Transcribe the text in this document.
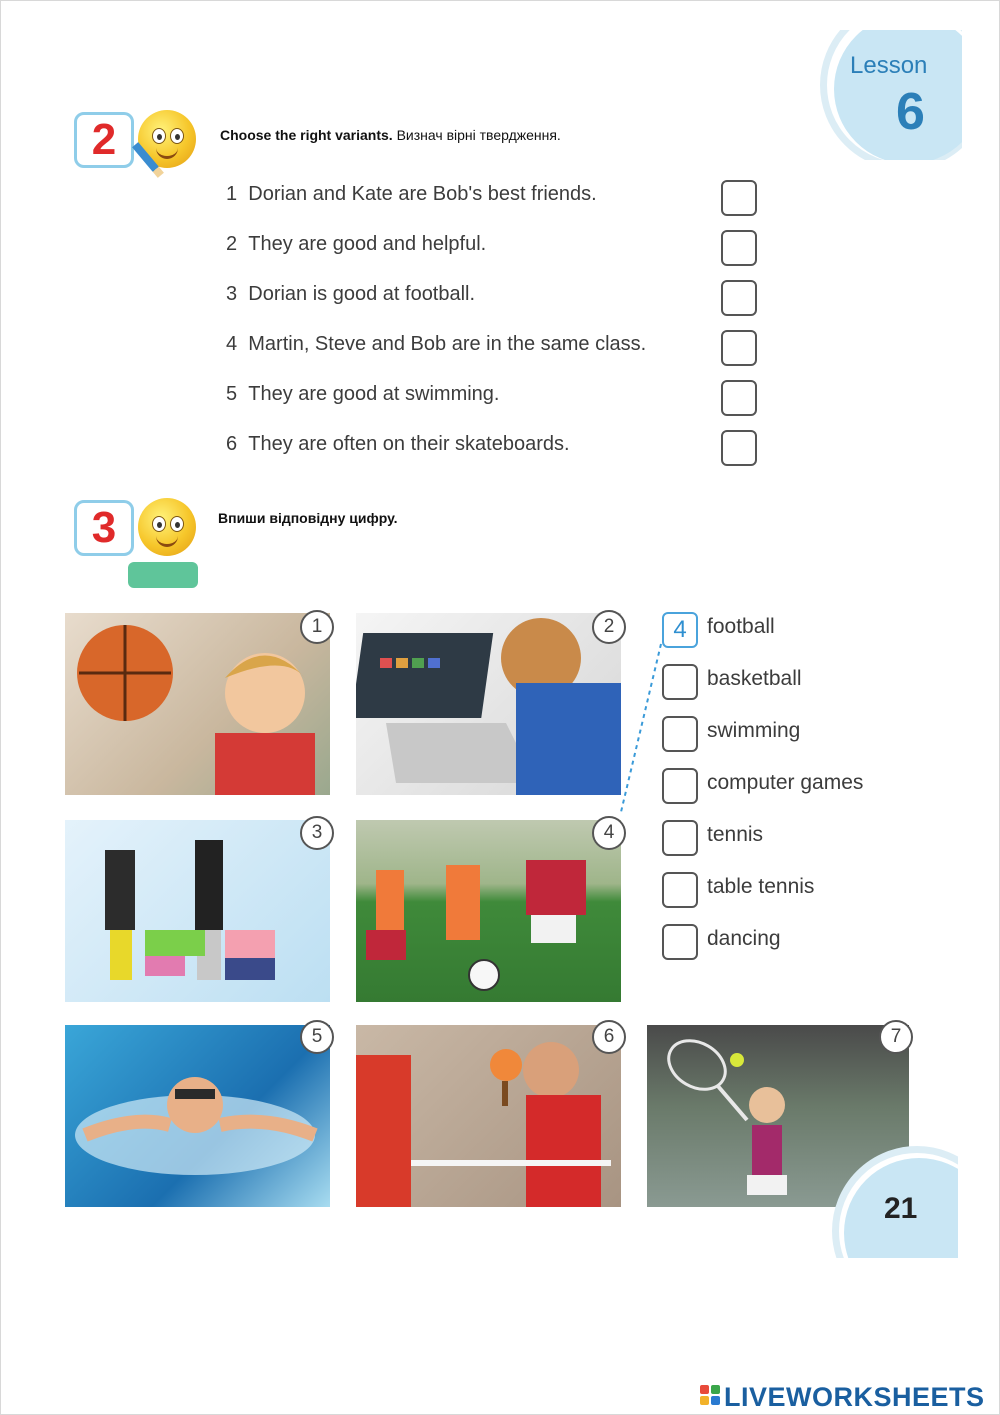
Lesson
6
2	Choose the right variants. Визнач вірні твердження.
1 Dorian and Kate are Bob's best friends.
2 They are good and helpful.
3 Dorian is good at football.
4 Martin, Steve and Bob are in the same class.
5 They are good at swimming.
6 They are often on their skateboards.
3	Впиши відповідну цифру.
1	2
3	4
5	6	7
4 football
basketball
swimming
computer games
tennis
table tennis
dancing
21
LIVEWORKSHEETS
